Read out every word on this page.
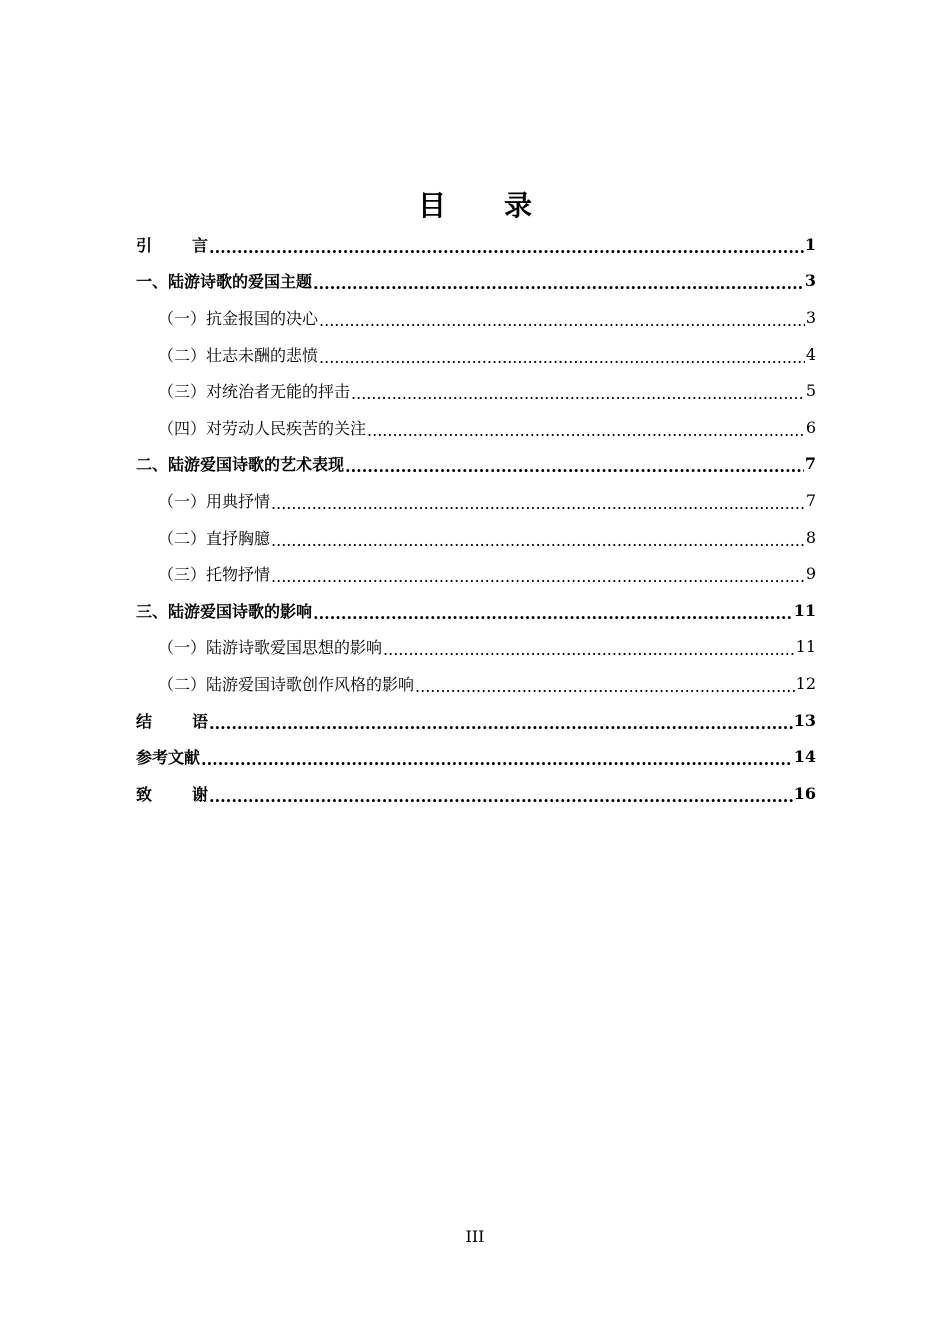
目 录
引	言 .....	1
一、陆游诗歌的爱国主题 .....	3
（一）抗金报国的决心 .....	3
（二）壮志未酬的悲愤 .....	4
（三）对统治者无能的抨击 .....	5
（四）对劳动人民疾苦的关注 .....	6
二、陆游爱国诗歌的艺术表现 .....	7
（一）用典抒情 .....	7
（二）直抒胸臆 .....	8
（三）托物抒情 .....	9
三、陆游爱国诗歌的影响 .....	11
（一）陆游诗歌爱国思想的影响 .....	11
（二）陆游爱国诗歌创作风格的影响 .....	12
结	语 .....	13
参考文献 .....	14
致	谢 .....	16
III
